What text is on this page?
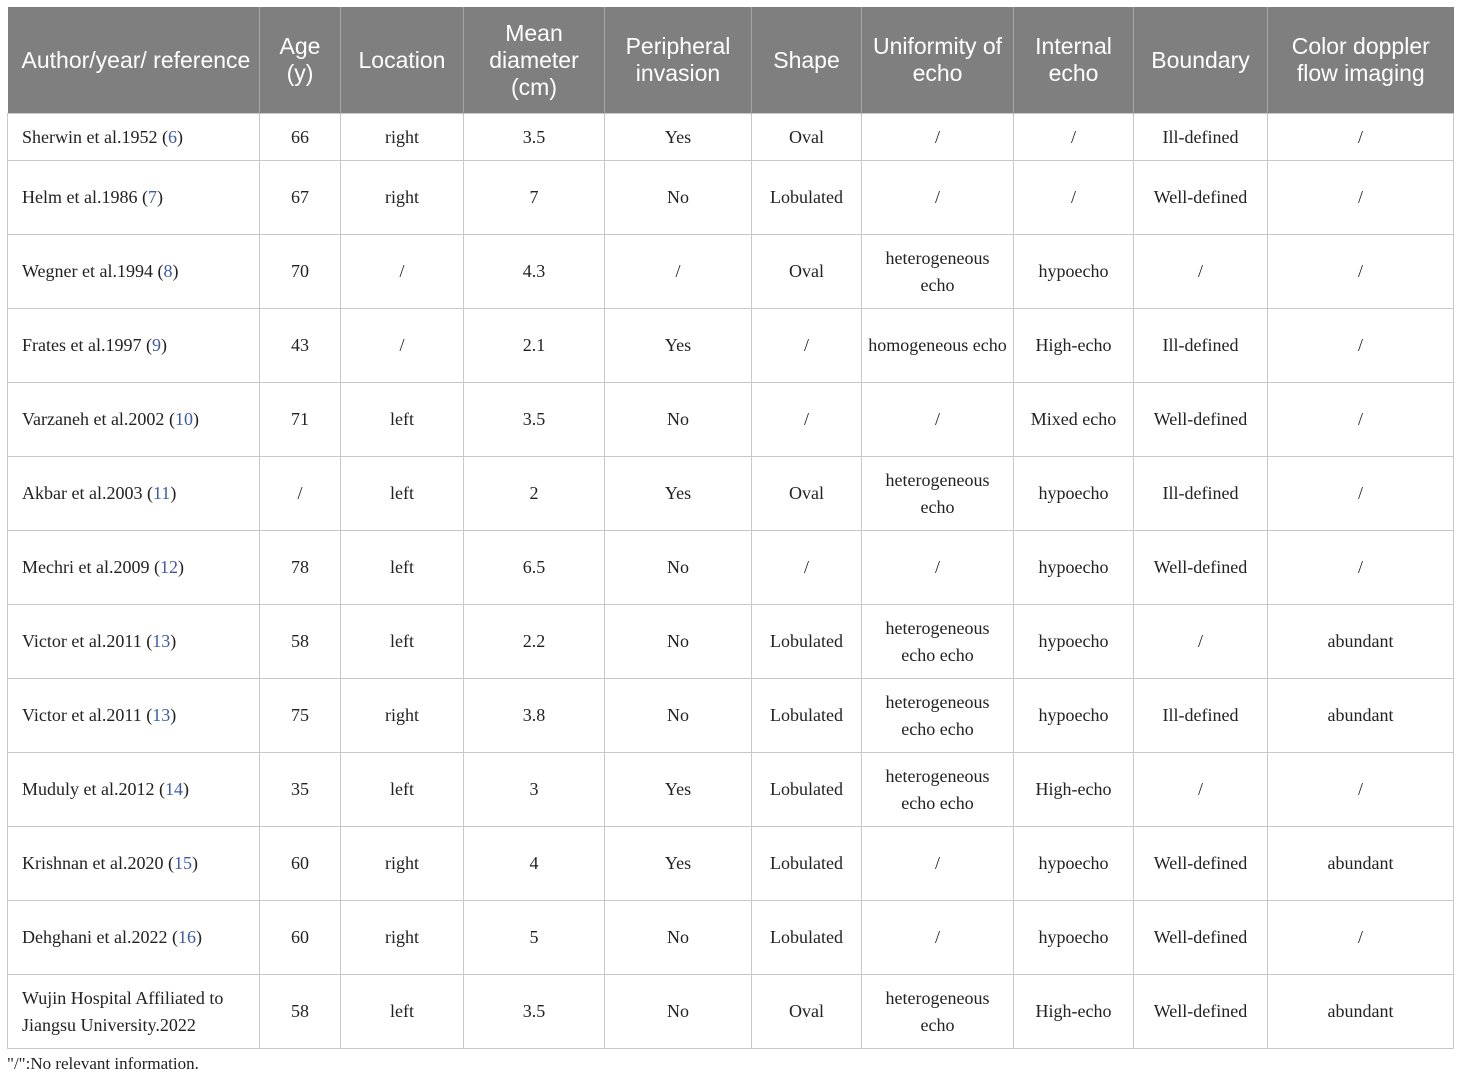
Author/year/ reference	Age (y)	Location	Mean diameter (cm)	Peripheral invasion	Shape	Uniformity of echo	Internal echo	Boundary	Color doppler flow imaging
Sherwin et al.1952 (6)	66	right	3.5	Yes	Oval	/	/	Ill-defined	/
Helm et al.1986 (7)	67	right	7	No	Lobulated	/	/	Well-defined	/
Wegner et al.1994 (8)	70	/	4.3	/	Oval	heterogeneous echo	hypoecho	/	/
Frates et al.1997 (9)	43	/	2.1	Yes	/	homogeneous echo	High-echo	Ill-defined	/
Varzaneh et al.2002 (10)	71	left	3.5	No	/	/	Mixed echo	Well-defined	/
Akbar et al.2003 (11)	/	left	2	Yes	Oval	heterogeneous echo	hypoecho	Ill-defined	/
Mechri et al.2009 (12)	78	left	6.5	No	/	/	hypoecho	Well-defined	/
Victor et al.2011 (13)	58	left	2.2	No	Lobulated	heterogeneous echo echo	hypoecho	/	abundant
Victor et al.2011 (13)	75	right	3.8	No	Lobulated	heterogeneous echo echo	hypoecho	Ill-defined	abundant
Muduly et al.2012 (14)	35	left	3	Yes	Lobulated	heterogeneous echo echo	High-echo	/	/
Krishnan et al.2020 (15)	60	right	4	Yes	Lobulated	/	hypoecho	Well-defined	abundant
Dehghani et al.2022 (16)	60	right	5	No	Lobulated	/	hypoecho	Well-defined	/
Wujin Hospital Affiliated to Jiangsu University.2022	58	left	3.5	No	Oval	heterogeneous echo	High-echo	Well-defined	abundant
"/":No relevant information.
